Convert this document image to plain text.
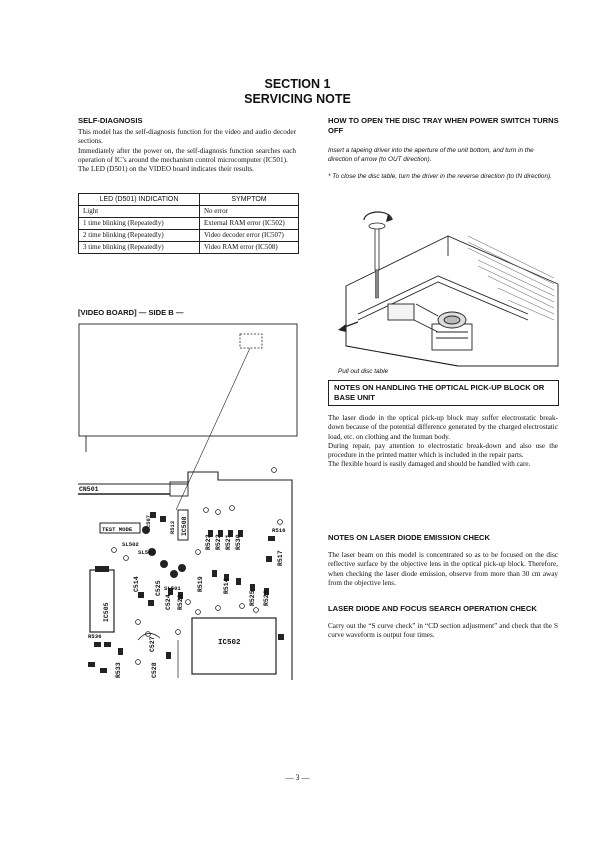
SECTION 1
SERVICING NOTE
SELF-DIAGNOSIS
This model has the self-diagnosis function for the video and audio decoder sections.
Immediately after the power on, the self-diagnosis function searches each operation of IC’s around the mechanism control microcomputer (IC501).
The LED (D501) on the VIDEO board indicates their results.
LED (D501) INDICATION	SYMPTOM
Light	No error
1 time blinking (Repeatedly)	External RAM error (IC502)
2 time blinking (Repeatedly)	Video decoder error (IC507)
3 time blinking (Repeatedly)	Video RAM error (IC508)
[VIDEO BOARD] — SIDE B —
CN501
TEST MODE
SL502
SL503
SL501
IC505
IC508
IC502
C514
C527
C528
R536
R533
R516
R517
R519
R523 R522 R521 R530
R514
R525 R526
R528
R513
C507
C524
C525
HOW TO OPEN THE DISC TRAY WHEN POWER SWITCH TURNS OFF
Insert a tapeing driver into the aperture of the unit bottom, and turn in the direction of arrow (to OUT direction).
* To close the disc table, turn the driver in the reverse direction (to IN direction).
Pull out disc table
NOTES ON HANDLING THE OPTICAL PICK-UP BLOCK OR BASE UNIT
The laser diode in the optical pick-up block may suffer electrostatic break-down because of the potential difference generated by the charged electrostatic load, etc. on clothing and the human body.
During repair, pay attention to electrostatic break-down and also use the procedure in the printed matter which is included in the repair parts.
The flexible board is easily damaged and should be handled with care.
NOTES ON LASER DIODE EMISSION CHECK
The laser beam on this model is concentrated so as to be focused on the disc reflective surface by the objective lens in the optical pick-up block. Therefore, when checking the laser diode emission, observe from more than 30 cm away from the objective lens.
LASER DIODE AND FOCUS SEARCH OPERATION CHECK
Carry out the “S curve check” in “CD section adjustment” and check that the S curve waveform is output four times.
— 3 —
